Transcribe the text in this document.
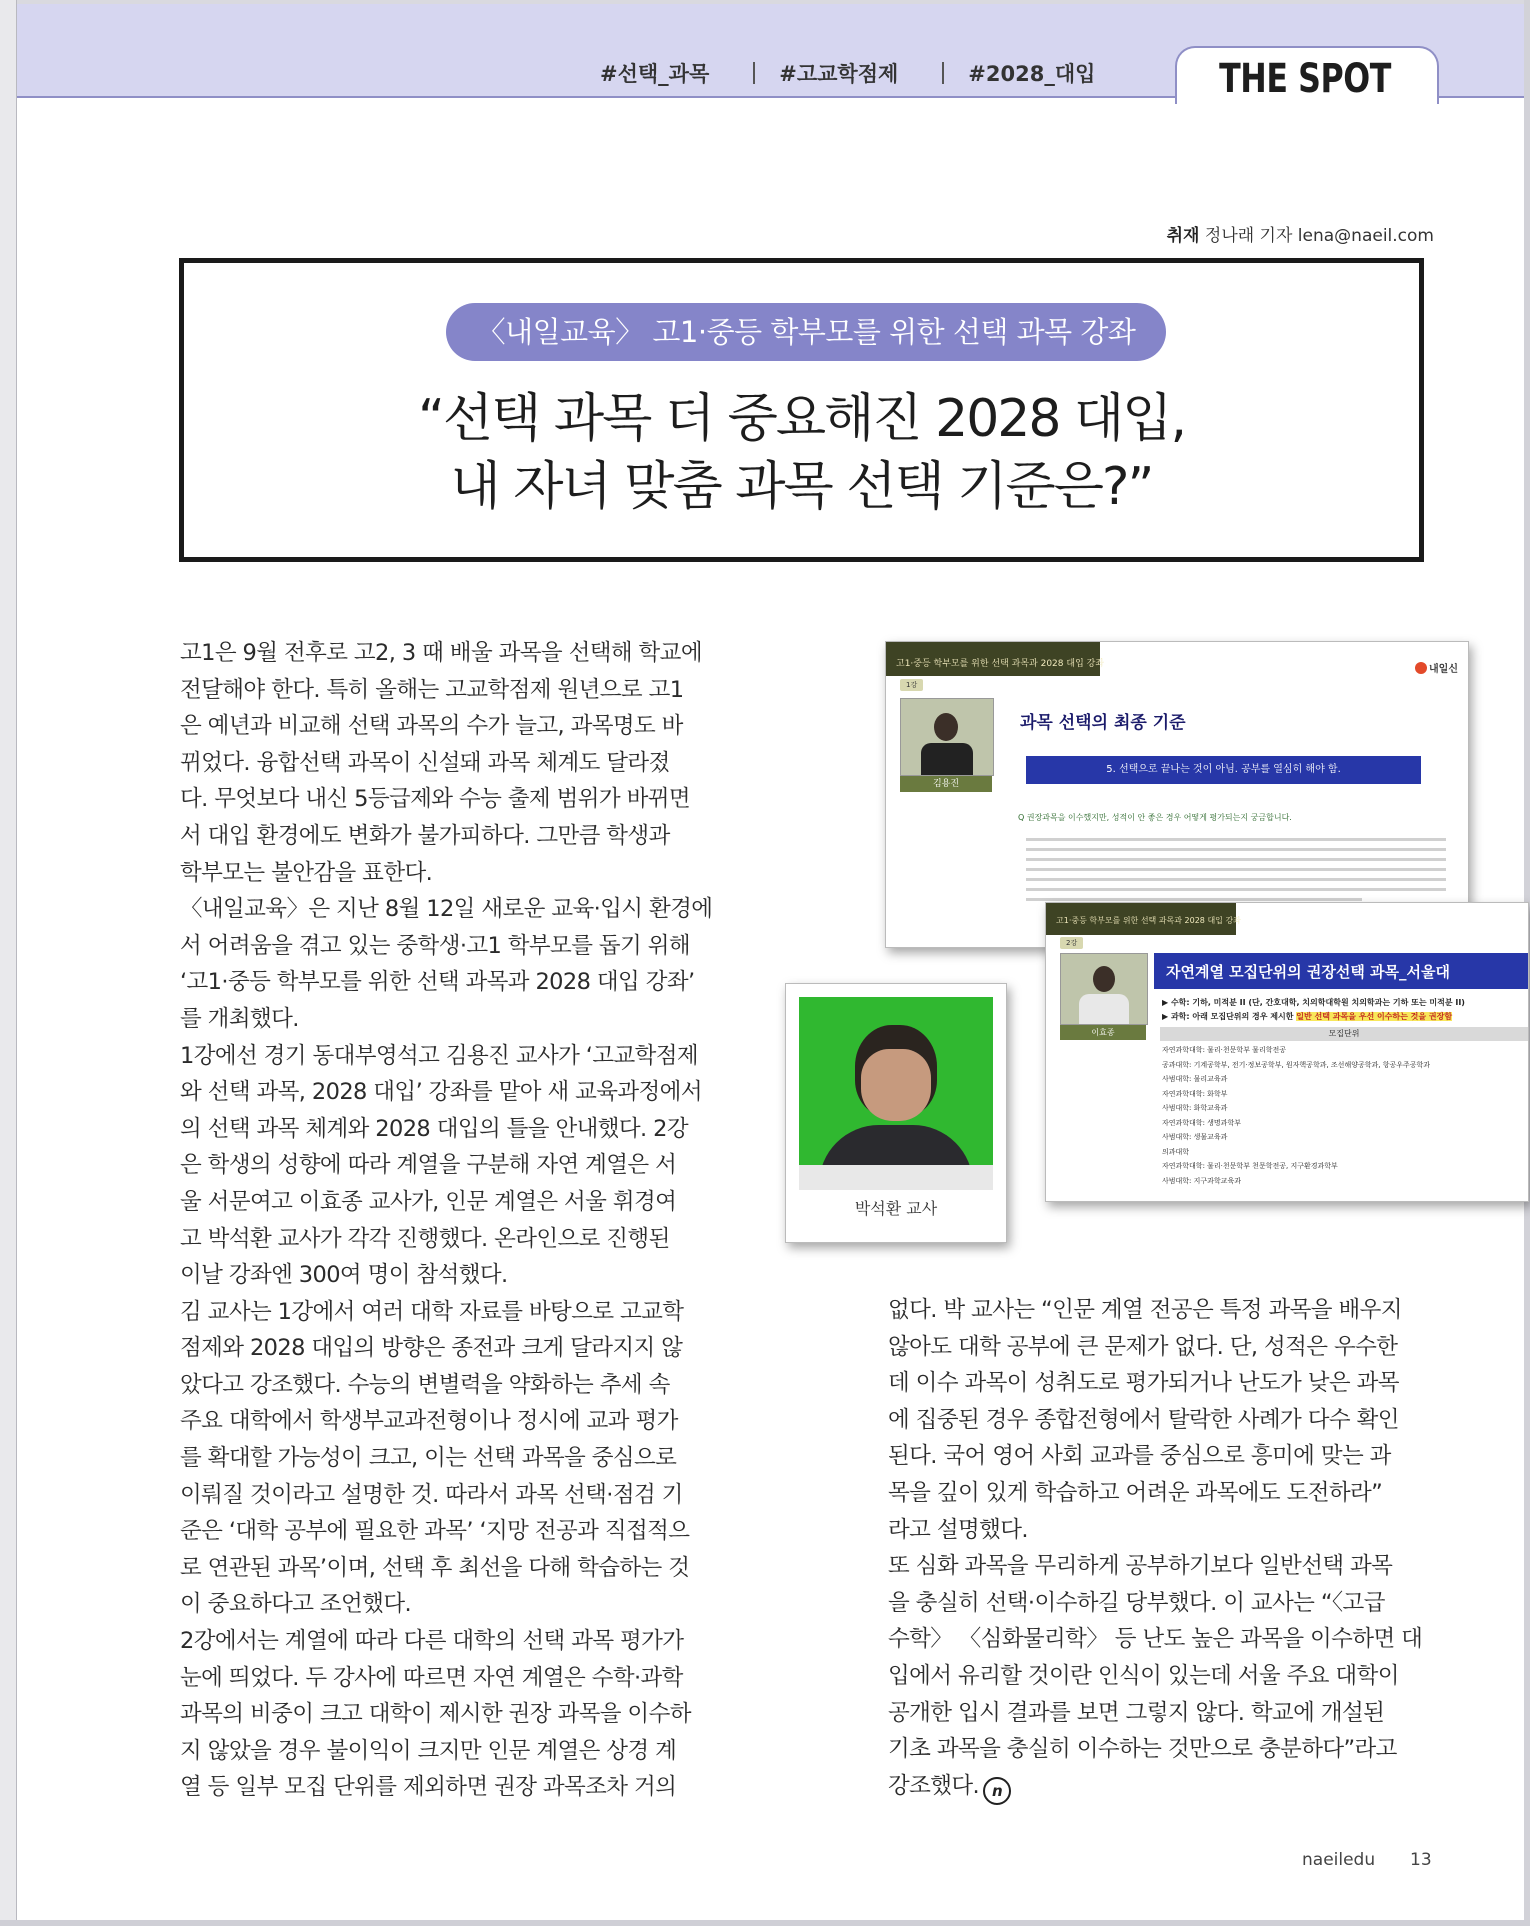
#선택_과목	#고교학점제	#2028_대입	THE SPOT
취재 정나래 기자 lena@naeil.com
〈내일교육〉 고1·중등 학부모를 위한 선택 과목 강좌
“선택 과목 더 중요해진 2028 대입,
내 자녀 맞춤 과목 선택 기준은?”

고1은 9월 전후로 고2, 3 때 배울 과목을 선택해 학교에

전달해야 한다. 특히 올해는 고교학점제 원년으로 고1

은 예년과 비교해 선택 과목의 수가 늘고, 과목명도 바

뀌었다. 융합선택 과목이 신설돼 과목 체계도 달라졌

다. 무엇보다 내신 5등급제와 수능 출제 범위가 바뀌면

서 대입 환경에도 변화가 불가피하다. 그만큼 학생과

학부모는 불안감을 표한다.

〈내일교육〉은 지난 8월 12일 새로운 교육·입시 환경에

서 어려움을 겪고 있는 중학생·고1 학부모를 돕기 위해

‘고1·중등 학부모를 위한 선택 과목과 2028 대입 강좌’

를 개최했다.

1강에선 경기 동대부영석고 김용진 교사가 ‘고교학점제

와 선택 과목, 2028 대입’ 강좌를 맡아 새 교육과정에서

의 선택 과목 체계와 2028 대입의 틀을 안내했다. 2강

은 학생의 성향에 따라 계열을 구분해 자연 계열은 서

울 서문여고 이효종 교사가, 인문 계열은 서울 휘경여

고 박석환 교사가 각각 진행했다. 온라인으로 진행된

이날 강좌엔 300여 명이 참석했다.

김 교사는 1강에서 여러 대학 자료를 바탕으로 고교학

점제와 2028 대입의 방향은 종전과 크게 달라지지 않

았다고 강조했다. 수능의 변별력을 약화하는 추세 속

주요 대학에서 학생부교과전형이나 정시에 교과 평가

를 확대할 가능성이 크고, 이는 선택 과목을 중심으로

이뤄질 것이라고 설명한 것. 따라서 과목 선택·점검 기

준은 ‘대학 공부에 필요한 과목’ ‘지망 전공과 직접적으

로 연관된 과목’이며, 선택 후 최선을 다해 학습하는 것

이 중요하다고 조언했다.

2강에서는 계열에 따라 다른 대학의 선택 과목 평가가

눈에 띄었다. 두 강사에 따르면 자연 계열은 수학·과학

과목의 비중이 크고 대학이 제시한 권장 과목을 이수하

지 않았을 경우 불이익이 크지만 인문 계열은 상경 계

열 등 일부 모집 단위를 제외하면 권장 과목조차 거의

없다. 박 교사는 “인문 계열 전공은 특정 과목을 배우지

않아도 대학 공부에 큰 문제가 없다. 단, 성적은 우수한

데 이수 과목이 성취도로 평가되거나 난도가 낮은 과목

에 집중된 경우 종합전형에서 탈락한 사례가 다수 확인

된다. 국어 영어 사회 교과를 중심으로 흥미에 맞는 과

목을 깊이 있게 학습하고 어려운 과목에도 도전하라”

라고 설명했다.

또 심화 과목을 무리하게 공부하기보다 일반선택 과목

을 충실히 선택·이수하길 당부했다. 이 교사는 “〈고급

수학〉 〈심화물리학〉 등 난도 높은 과목을 이수하면 대

입에서 유리할 것이란 인식이 있는데 서울 주요 대학이

공개한 입시 결과를 보면 그렇지 않다. 학교에 개설된

기초 과목을 충실히 이수하는 것만으로 충분하다”라고

강조했다. n

고1·중등 학부모를 위한 선택 과목과 2028 대입 강좌
1강
내일신
김용진
과목 선택의 최종 기준
5. 선택으로 끝나는 것이 아님. 공부를 열심히 해야 함.
Q 권장과목을 이수했지만, 성적이 안 좋은 경우 어떻게 평가되는지 궁금합니다.
고1·중등 학부모를 위한 선택 과목과 2028 대입 강좌
2강
이효종
자연계열 모집단위의 권장선택 과목_서울대
▶ 수학: 기하, 미적분 II (단, 간호대학, 치의학대학원 치의학과는 기하 또는 미적분 II)
▶ 과학: 아래 모집단위의 경우 제시한 일반 선택 과목을 우선 이수하는 것을 권장함
모집단위
자연과학대학: 물리·천문학부 물리학전공
공과대학: 기계공학부, 전기·정보공학부, 원자핵공학과, 조선해양공학과, 항공우주공학과
사범대학: 물리교육과
자연과학대학: 화학부
사범대학: 화학교육과
자연과학대학: 생명과학부
사범대학: 생물교육과
의과대학
자연과학대학: 물리·천문학부 천문학전공, 지구환경과학부
사범대학: 지구과학교육과
박석환 교사
naeiledu 13
